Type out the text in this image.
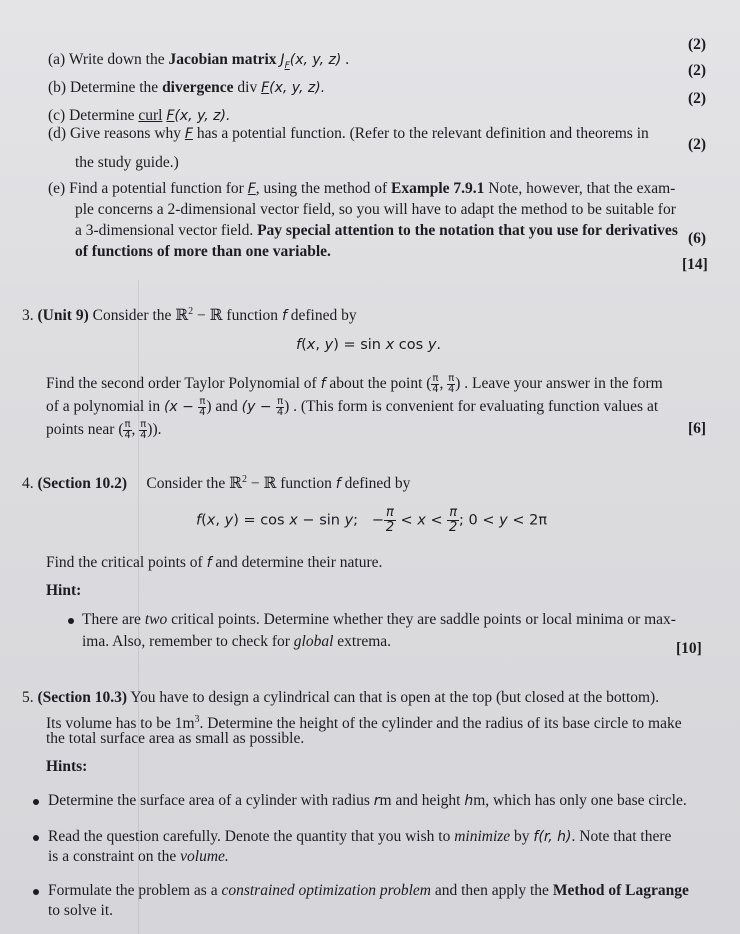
(2)
(2)
(2)
(2)
(6)
[14]
(a) Write down the Jacobian matrix $J_F(x$, y, z) .
(b) Determine the divergence div F(x, y, z).
(c) Determine curl F(x, y, z).
(d) Give reasons why F has a potential function. (Refer to the relevant definition and theorems in
the study guide.)
(e) Find a potential function for F, using the method of Example 7.9.1 Note, however, that the exam-
ple concerns a 2-dimensional vector field, so you will have to adapt the method to be suitable for
a 3-dimensional vector field. Pay special attention to the notation that you use for derivatives
of functions of more than one variable.
3. (Unit 9) Consider the ℝ$^2$ − ℝ function f defined by
f(x, y) = sin x cos y.
Find the second order Taylor Polynomial of f about the point ( $\frac{\pi}{4}$ , $\frac{\pi}{4}$ ) . Leave your answer in the form
of a polynomial in ($x - \frac{\pi}{4}$ ) and ($y - \frac{\pi}{4}$ ) . (This form is convenient for evaluating function values at
points near ( $\frac{\pi}{4}$ , $\frac{\pi}{4}$ )).	[6]
4. (Section 10.2)     Consider the ℝ$^2$ − ℝ function f defined by
f(x, y) = cos x − sin y;   − $\frac{\pi}{2} < x < \frac{\pi}{2}$ ; 0 < y < 2π
Find the critical points of f and determine their nature.
Hint:
There are two critical points. Determine whether they are saddle points or local minima or max-
ima. Also, remember to check for global extrema.	[10]
5. (Section 10.3) You have to design a cylindrical can that is open at the top (but closed at the bottom).
Its volume has to be $1m^3$. Determine the height of the cylinder and the radius of its base circle to make
the total surface area as small as possible.
Hints:
Determine the surface area of a cylinder with radius rm and height hm, which has only one base circle.
Read the question carefully. Denote the quantity that you wish to minimize by f(r, h). Note that there
is a constraint on the volume.
Formulate the problem as a constrained optimization problem and then apply the Method of Lagrange
to solve it.
